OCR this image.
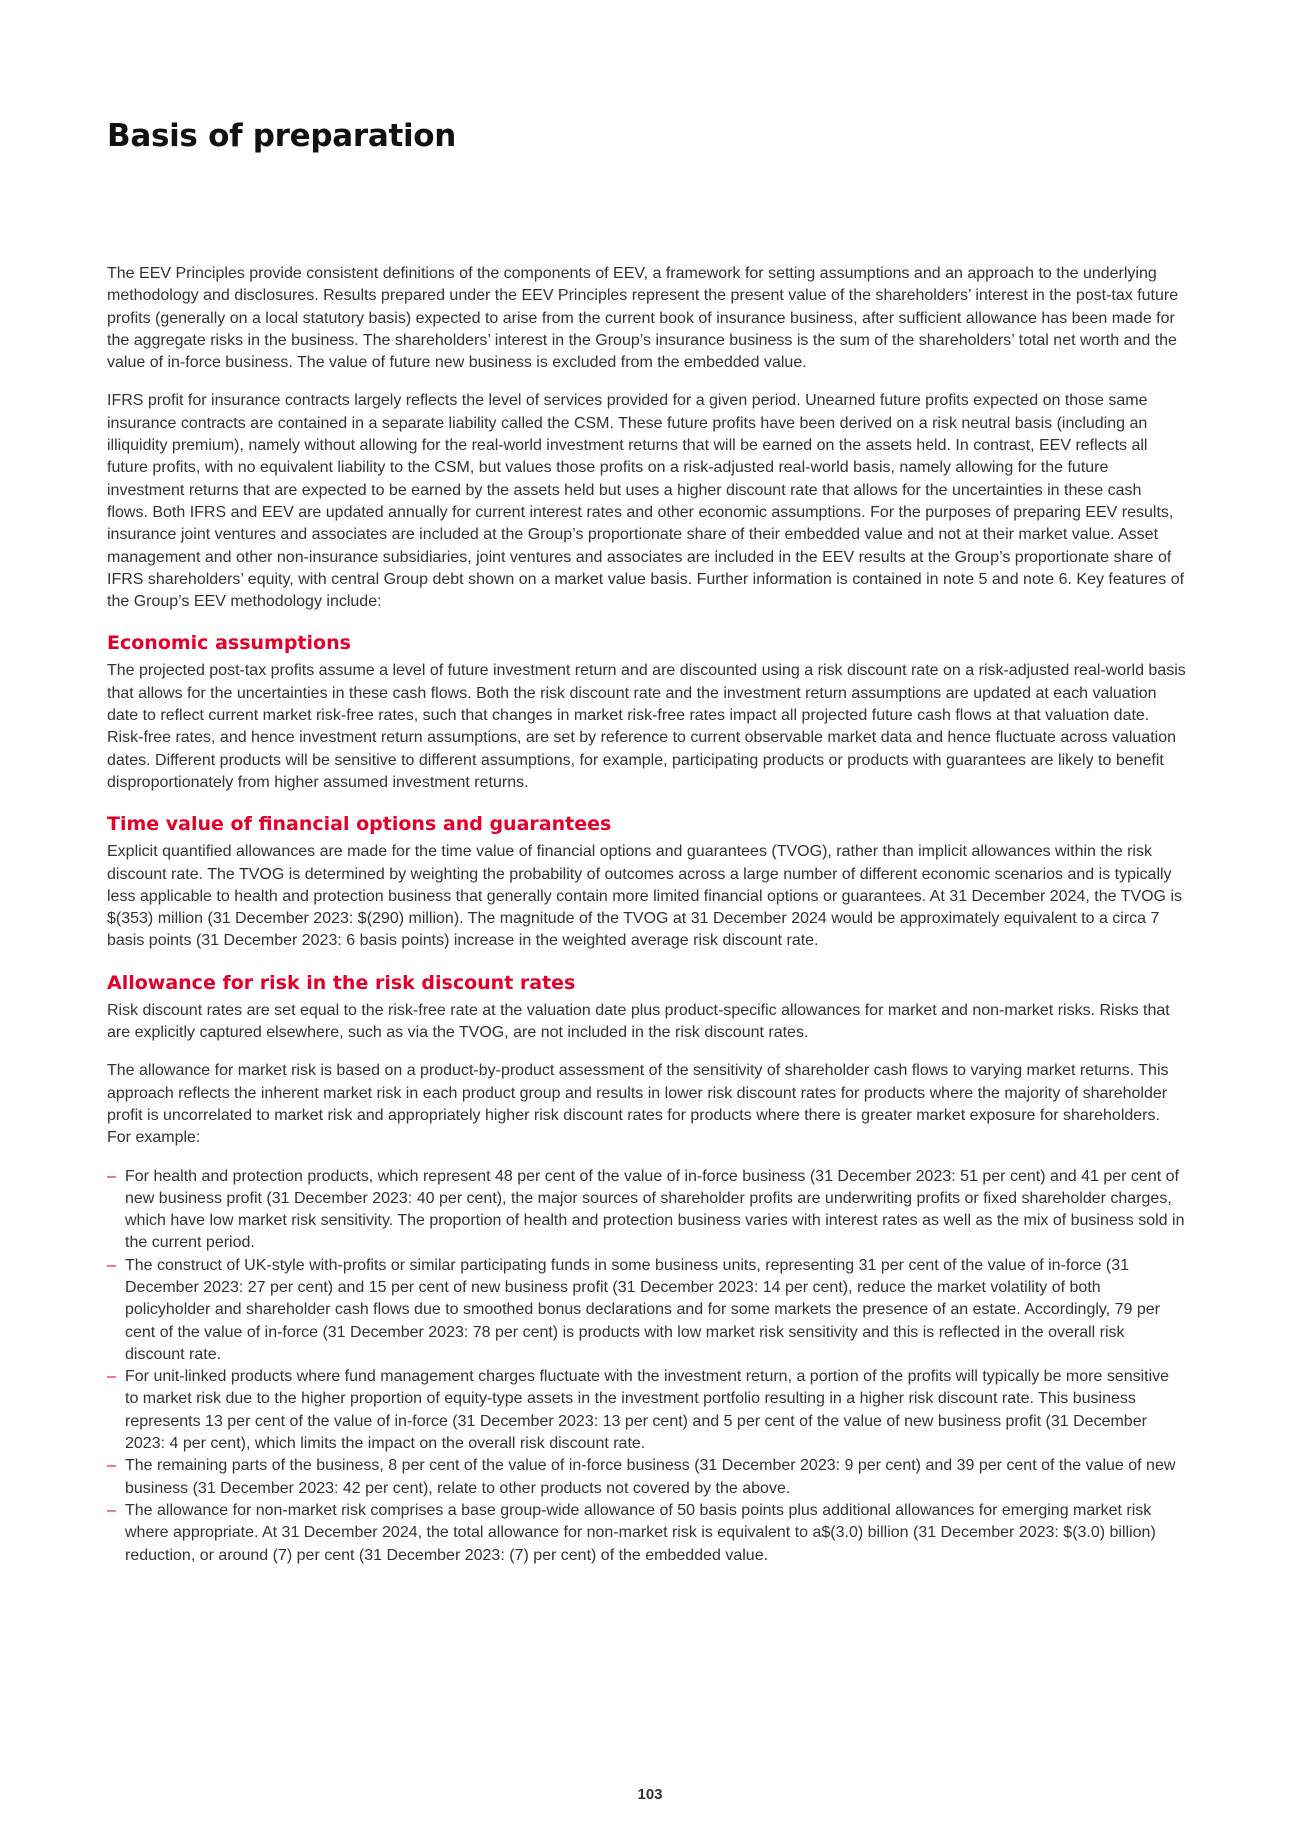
Basis of preparation

The EEV Principles provide consistent definitions of the components of EEV, a framework for setting assumptions and an approach to the underlying methodology and disclosures. Results prepared under the EEV Principles represent the present value of the shareholders’ interest in the post-tax future profits (generally on a local statutory basis) expected to arise from the current book of insurance business, after sufficient allowance has been made for the aggregate risks in the business. The shareholders’ interest in the Group’s insurance business is the sum of the shareholders’ total net worth and the value of in-force business. The value of future new business is excluded from the embedded value.

IFRS profit for insurance contracts largely reflects the level of services provided for a given period. Unearned future profits expected on those same insurance contracts are contained in a separate liability called the CSM. These future profits have been derived on a risk neutral basis (including an illiquidity premium), namely without allowing for the real-world investment returns that will be earned on the assets held. In contrast, EEV reflects all future profits, with no equivalent liability to the CSM, but values those profits on a risk-adjusted real-world basis, namely allowing for the future investment returns that are expected to be earned by the assets held but uses a higher discount rate that allows for the uncertainties in these cash flows. Both IFRS and EEV are updated annually for current interest rates and other economic assumptions. For the purposes of preparing EEV results, insurance joint ventures and associates are included at the Group’s proportionate share of their embedded value and not at their market value. Asset management and other non-insurance subsidiaries, joint ventures and associates are included in the EEV results at the Group’s proportionate share of IFRS shareholders’ equity, with central Group debt shown on a market value basis. Further information is contained in note 5 and note 6. Key features of the Group’s EEV methodology include:

Economic assumptions

The projected post-tax profits assume a level of future investment return and are discounted using a risk discount rate on a risk-adjusted real-world basis that allows for the uncertainties in these cash flows. Both the risk discount rate and the investment return assumptions are updated at each valuation date to reflect current market risk-free rates, such that changes in market risk-free rates impact all projected future cash flows at that valuation date. Risk-free rates, and hence investment return assumptions, are set by reference to current observable market data and hence fluctuate across valuation dates. Different products will be sensitive to different assumptions, for example, participating products or products with guarantees are likely to benefit disproportionately from higher assumed investment returns.

Time value of financial options and guarantees

Explicit quantified allowances are made for the time value of financial options and guarantees (TVOG), rather than implicit allowances within the risk discount rate. The TVOG is determined by weighting the probability of outcomes across a large number of different economic scenarios and is typically less applicable to health and protection business that generally contain more limited financial options or guarantees. At 31 December 2024, the TVOG is $(353) million (31 December 2023: $(290) million). The magnitude of the TVOG at 31 December 2024 would be approximately equivalent to a circa 7 basis points (31 December 2023: 6 basis points) increase in the weighted average risk discount rate.

Allowance for risk in the risk discount rates

Risk discount rates are set equal to the risk-free rate at the valuation date plus product-specific allowances for market and non-market risks. Risks that are explicitly captured elsewhere, such as via the TVOG, are not included in the risk discount rates.

The allowance for market risk is based on a product-by-product assessment of the sensitivity of shareholder cash flows to varying market returns. This approach reflects the inherent market risk in each product group and results in lower risk discount rates for products where the majority of shareholder profit is uncorrelated to market risk and appropriately higher risk discount rates for products where there is greater market exposure for shareholders. For example:

– For health and protection products, which represent 48 per cent of the value of in-force business (31 December 2023: 51 per cent) and 41 per cent of new business profit (31 December 2023: 40 per cent), the major sources of shareholder profits are underwriting profits or fixed shareholder charges, which have low market risk sensitivity. The proportion of health and protection business varies with interest rates as well as the mix of business sold in the current period.
– The construct of UK-style with-profits or similar participating funds in some business units, representing 31 per cent of the value of in-force (31 December 2023: 27 per cent) and 15 per cent of new business profit (31 December 2023: 14 per cent), reduce the market volatility of both policyholder and shareholder cash flows due to smoothed bonus declarations and for some markets the presence of an estate. Accordingly, 79 per cent of the value of in-force (31 December 2023: 78 per cent) is products with low market risk sensitivity and this is reflected in the overall risk discount rate.
– For unit-linked products where fund management charges fluctuate with the investment return, a portion of the profits will typically be more sensitive to market risk due to the higher proportion of equity-type assets in the investment portfolio resulting in a higher risk discount rate. This business represents 13 per cent of the value of in-force (31 December 2023: 13 per cent) and 5 per cent of the value of new business profit (31 December 2023: 4 per cent), which limits the impact on the overall risk discount rate.
– The remaining parts of the business, 8 per cent of the value of in-force business (31 December 2023: 9 per cent) and 39 per cent of the value of new business (31 December 2023: 42 per cent), relate to other products not covered by the above.
– The allowance for non-market risk comprises a base group-wide allowance of 50 basis points plus additional allowances for emerging market risk where appropriate. At 31 December 2024, the total allowance for non-market risk is equivalent to a$(3.0) billion (31 December 2023: $(3.0) billion) reduction, or around (7) per cent (31 December 2023: (7) per cent) of the embedded value.
103
